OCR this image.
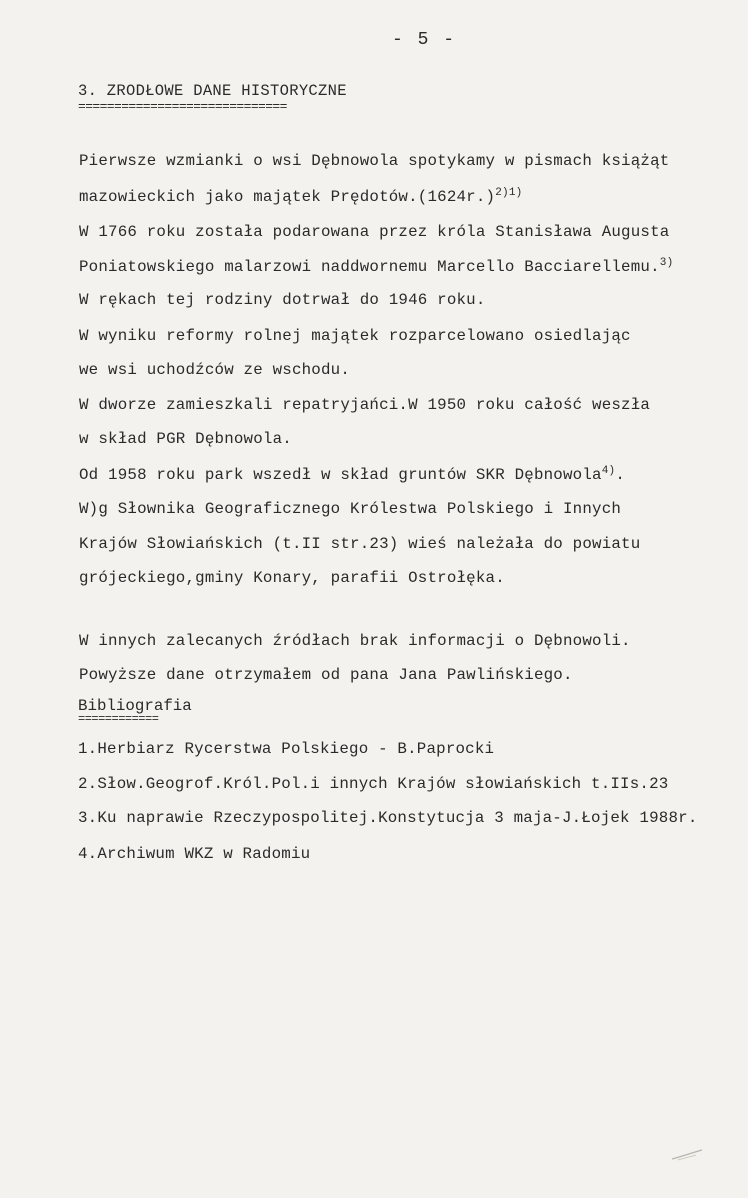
- 5 -
3. ZRODŁOWE DANE HISTORYCZNE
=============================
Pierwsze wzmianki o wsi Dębnowola spotykamy w pismach książąt
mazowieckich jako majątek $Prędotów.(1624r.)^{2)1)}$
W 1766 roku została podarowana przez króla Stanisława Augusta
Poniatowskiego malarzowi naddwornemu Marcello Bacciarellemu.$^{3)}$
W rękach tej rodziny dotrwał do 1946 roku.
W wyniku reformy rolnej majątek rozparcelowano osiedlając
we wsi uchodźców ze wschodu.
W dworze zamieszkali repatryjańci.W 1950 roku całość weszła
w skład PGR Dębnowola.
Od 1958 roku park wszedł w skład gruntów SKR Dębnowola$^{4)}$.
W)g Słownika Geograficznego Królestwa Polskiego i Innych
Krajów Słowiańskich (t.II str.23) wieś należała do powiatu
grójeckiego,gminy Konary, parafii Ostrołęka.
W innych zalecanych źródłach brak informacji o Dębnowoli.
Powyższe dane otrzymałem od pana Jana Pawlińskiego.
Bibliografia
============
1.Herbiarz Rycerstwa Polskiego - B.Paprocki
2.Słow.Geogrof.Król.Pol.i innych Krajów słowiańskich t.IIs.23
3.Ku naprawie Rzeczypospolitej.Konstytucja 3 maja-J.Łojek 1988r.
4.Archiwum WKZ w Radomiu
